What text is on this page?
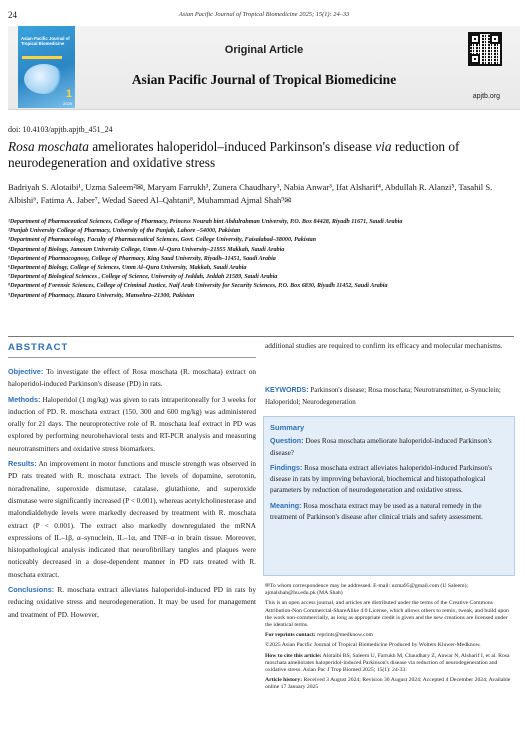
24	Asian Pacific Journal of Tropical Biomedicine 2025; 15(1): 24–33
Asian Pacific Journal of Tropical Biomedicine
1
2025
Original Article
Asian Pacific Journal of Tropical Biomedicine
apjtb.org
doi: 10.4103/apjtb.apjtb_451_24
Rosa moschata ameliorates haloperidol–induced Parkinson's disease via reduction of neurodegeneration and oxidative stress
Badriyah S. Alotaibi¹, Uzma Saleem²✉, Maryam Farrukh³, Zunera Chaudhary³, Nabia Anwar³, Ifat Alsharif⁴, Abdullah R. Alanzi⁵, Tasahil S. Albishi⁶, Fatima A. Jaber⁷, Wedad Saeed Al–Qahtani⁸, Muhammad Ajmal Shah⁹✉

¹Department of Pharmaceutical Sciences, College of Pharmacy, Princess Nourah bint Abdulrahman University, P.O. Box 84428, Riyadh 11671, Saudi Arabia

²Punjab University College of Pharmacy, University of the Punjab, Lahore –54000, Pakistan

³Department of Pharmacology, Faculty of Pharmaceutical Sciences, Govt. College University, Faisalabad–38000, Pakistan

⁴Department of Biology, Jamoum University College, Umm Al–Qura University–21955 Makkah, Saudi Arabia

⁵Department of Pharmacognosy, College of Pharmacy, King Saud University, Riyadh–11451, Saudi Arabia

⁶Department of Biology, College of Sciences, Umm Al–Qura University, Makkah, Saudi Arabia

⁷Department of Biological Sciences , College of Science, University of Jeddah, Jeddah 21589, Saudi Arabia

⁸Department of Forensic Sciences, College of Criminal Justice, Naif Arab University for Security Sciences, P.O. Box 6830, Riyadh 11452, Saudi Arabia

⁹Department of Pharmacy, Hazara University, Mansehra–21300, Pakistan

ABSTRACT

Objective: To investigate the effect of Rosa moschata (R. moschata) extract on haloperidol-induced Parkinson's disease (PD) in rats.

Methods: Haloperidol (1 mg/kg) was given to rats intraperitoneally for 3 weeks for induction of PD. R. moschata extract (150, 300 and 600 mg/kg) was administered orally for 21 days. The neuroprotective role of R. moschata leaf extract in PD was explored by performing neurobehavioral tests and RT-PCR analysis and measuring neurotransmitters and oxidative stress biomarkers.

Results: An improvement in motor functions and muscle strength was observed in PD rats treated with R. moschata extract. The levels of dopamine, serotonin, noradrenaline, superoxide dismutase, catalase, glutathione, and superoxide dismutase were significantly increased (P < 0.001), whereas acetylcholinesterase and malondialdehyde levels were markedly decreased by treatment with R. moschata extract (P < 0.001). The extract also markedly downregulated the mRNA expressions of IL–1β, α–synuclein, IL–1α, and TNF–α in brain tissue. Moreover, histopathological analysis indicated that neurofibrillary tangles and plaques were noticeably decreased in a dose-dependent manner in PD rats treated with R. moschata extract.

Conclusions: R. moschata extract alleviates haloperidol-induced PD in rats by reducing oxidative stress and neurodegeneration. It may be used for management and treatment of PD. However,

additional studies are required to confirm its efficacy and molecular mechanisms.
KEYWORDS: Parkinson's disease; Rosa moschata; Neurotransmitter, α-Synuclein; Haloperidol; Neurodegeneration
Summary

Question: Does Rosa moschata ameliorate haloperidol-induced Parkinson's disease?

Findings: Rosa moschata extract alleviates haloperidol-induced Parkinson's disease in rats by improving behavioral, biochemical and histopathological parameters by reduction of neurodegeneration and oxidative stress.

Meaning: Rosa moschata extract may be used as a natural remedy in the treatment of Parkinson's disease after clinical trials and safety assessment.

✉To whom correspondence may be addressed. E-mail: uzma95@gmail.com (U Saleem); ajmalshah@hu.edu.pk (MA Shah)

This is an open access journal, and articles are distributed under the terms of the Creative Commons Attribution-Non Commercial-ShareAlike 4.0 License, which allows others to remix, tweak, and build upon the work non-commercially, as long as appropriate credit is given and the new creations are licensed under the identical terms.

For reprints contact: reprints@medknow.com

©2025 Asian Pacific Journal of Tropical Biomedicine Produced by Wolters Kluwer-Medknow.

How to cite this article: Alotaibi BS, Saleem U, Farrukh M, Chaudhary Z, Anwar N, Alsharif I, et al. Rosa moschata ameliorates haloperidol-induced Parkinson's disease via reduction of neurodegeneration and oxidative stress. Asian Pac J Trop Biomed 2025; 15(1): 24-33.

Article history: Received 3 August 2024; Revision 30 August 2024; Accepted 4 December 2024; Available online 17 January 2025
